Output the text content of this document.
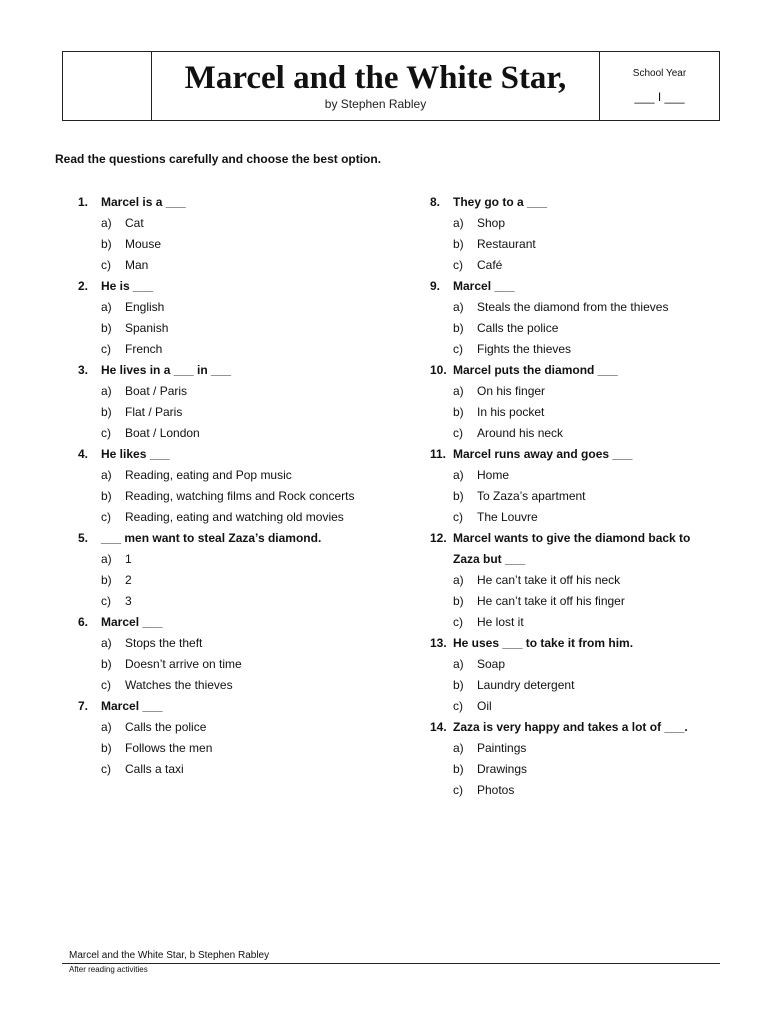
Marcel and the White Star,
by Stephen Rabley
School Year
___ I ___
Read the questions carefully and choose the best option.
1.	Marcel is a ___
a)	Cat
b)	Mouse
c)	Man
2.	He is ___
a)	English
b)	Spanish
c)	French
3.	He lives in a ___ in ___
a)	Boat / Paris
b)	Flat / Paris
c)	Boat / London
4.	He likes ___
a)	Reading, eating and Pop music
b)	Reading, watching films and Rock concerts
c)	Reading, eating and watching old movies
5.	___ men want to steal Zaza’s diamond.
a)	1
b)	2
c)	3
6.	Marcel ___
a)	Stops the theft
b)	Doesn’t arrive on time
c)	Watches the thieves
7.	Marcel ___
a)	Calls the police
b)	Follows the men
c)	Calls a taxi
8.	They go to a ___
a)	Shop
b)	Restaurant
c)	Café
9.	Marcel ___
a)	Steals the diamond from the thieves
b)	Calls the police
c)	Fights the thieves
10. Marcel puts the diamond ___
a)	On his finger
b)	In his pocket
c)	Around his neck
11. Marcel runs away and goes ___
a)	Home
b)	To Zaza’s apartment
c)	The Louvre
12. Marcel wants to give the diamond back to Zaza but ___
a)	He can’t take it off his neck
b)	He can’t take it off his finger
c)	He lost it
13. He uses ___ to take it from him.
a)	Soap
b)	Laundry detergent
c)	Oil
14. Zaza is very happy and takes a lot of ___.
a)	Paintings
b)	Drawings
c)	Photos
Marcel and the White Star, b Stephen Rabley
After reading activities
